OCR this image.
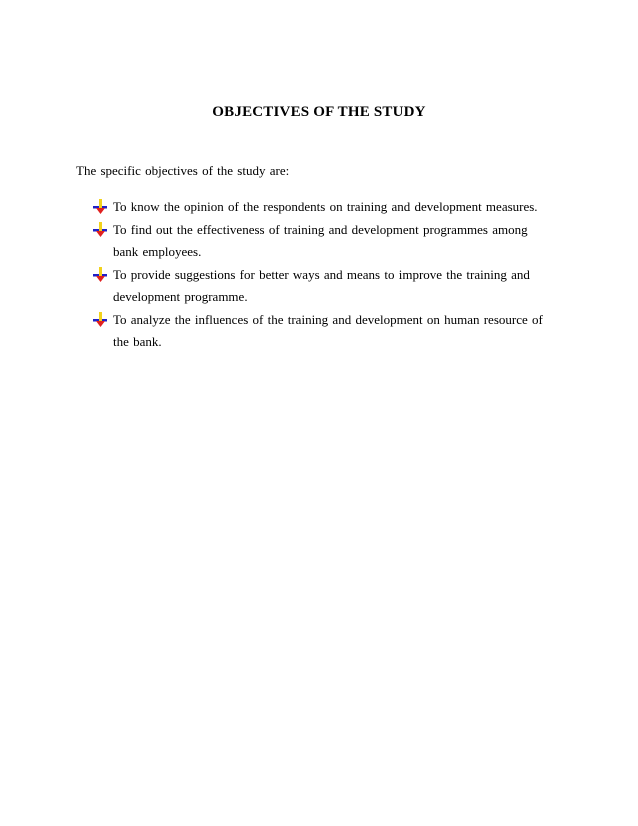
OBJECTIVES OF THE STUDY
The specific objectives of the study are:
To know the opinion of the respondents on training and development measures.
To find out the effectiveness of training and development programmes among bank employees.
To provide suggestions for better ways and means to improve the training and development programme.
To analyze the influences of the training and development on human resource of the bank.
